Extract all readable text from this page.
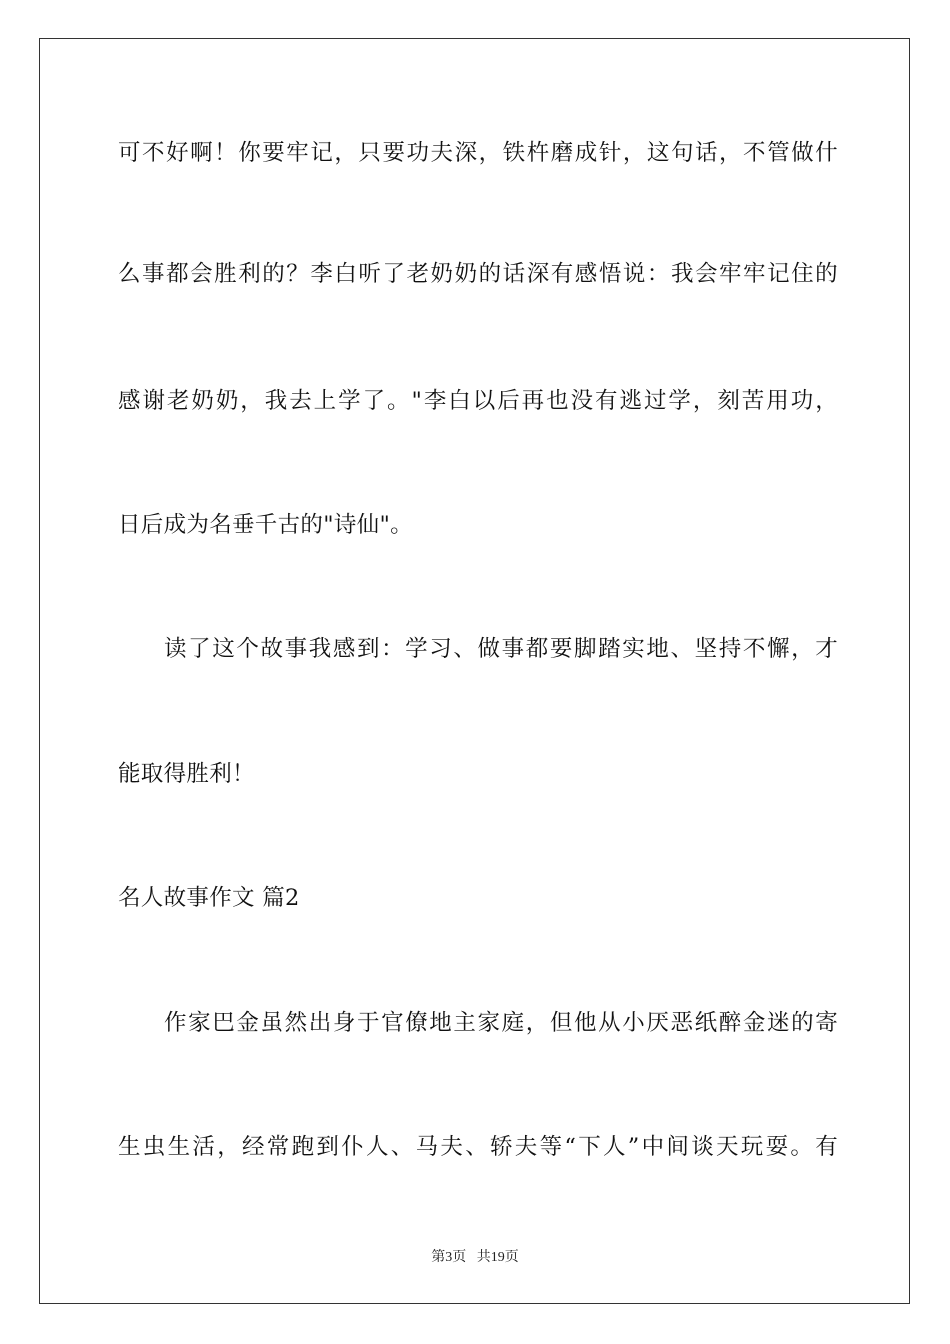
可不好啊！你要牢记，只要功夫深，铁杵磨成针，这句话，不管做什
么事都会胜利的？李白听了老奶奶的话深有感悟说：我会牢牢记住的
感谢老奶奶，我去上学了。"李白以后再也没有逃过学，刻苦用功，
日后成为名垂千古的"诗仙"。
读了这个故事我感到：学习、做事都要脚踏实地、坚持不懈，才
能取得胜利！
名人故事作文 篇2
作家巴金虽然出身于官僚地主家庭，但他从小厌恶纸醉金迷的寄
生虫生活，经常跑到仆人、马夫、轿夫等“下人”中间谈天玩耍。有
第3页   共19页
